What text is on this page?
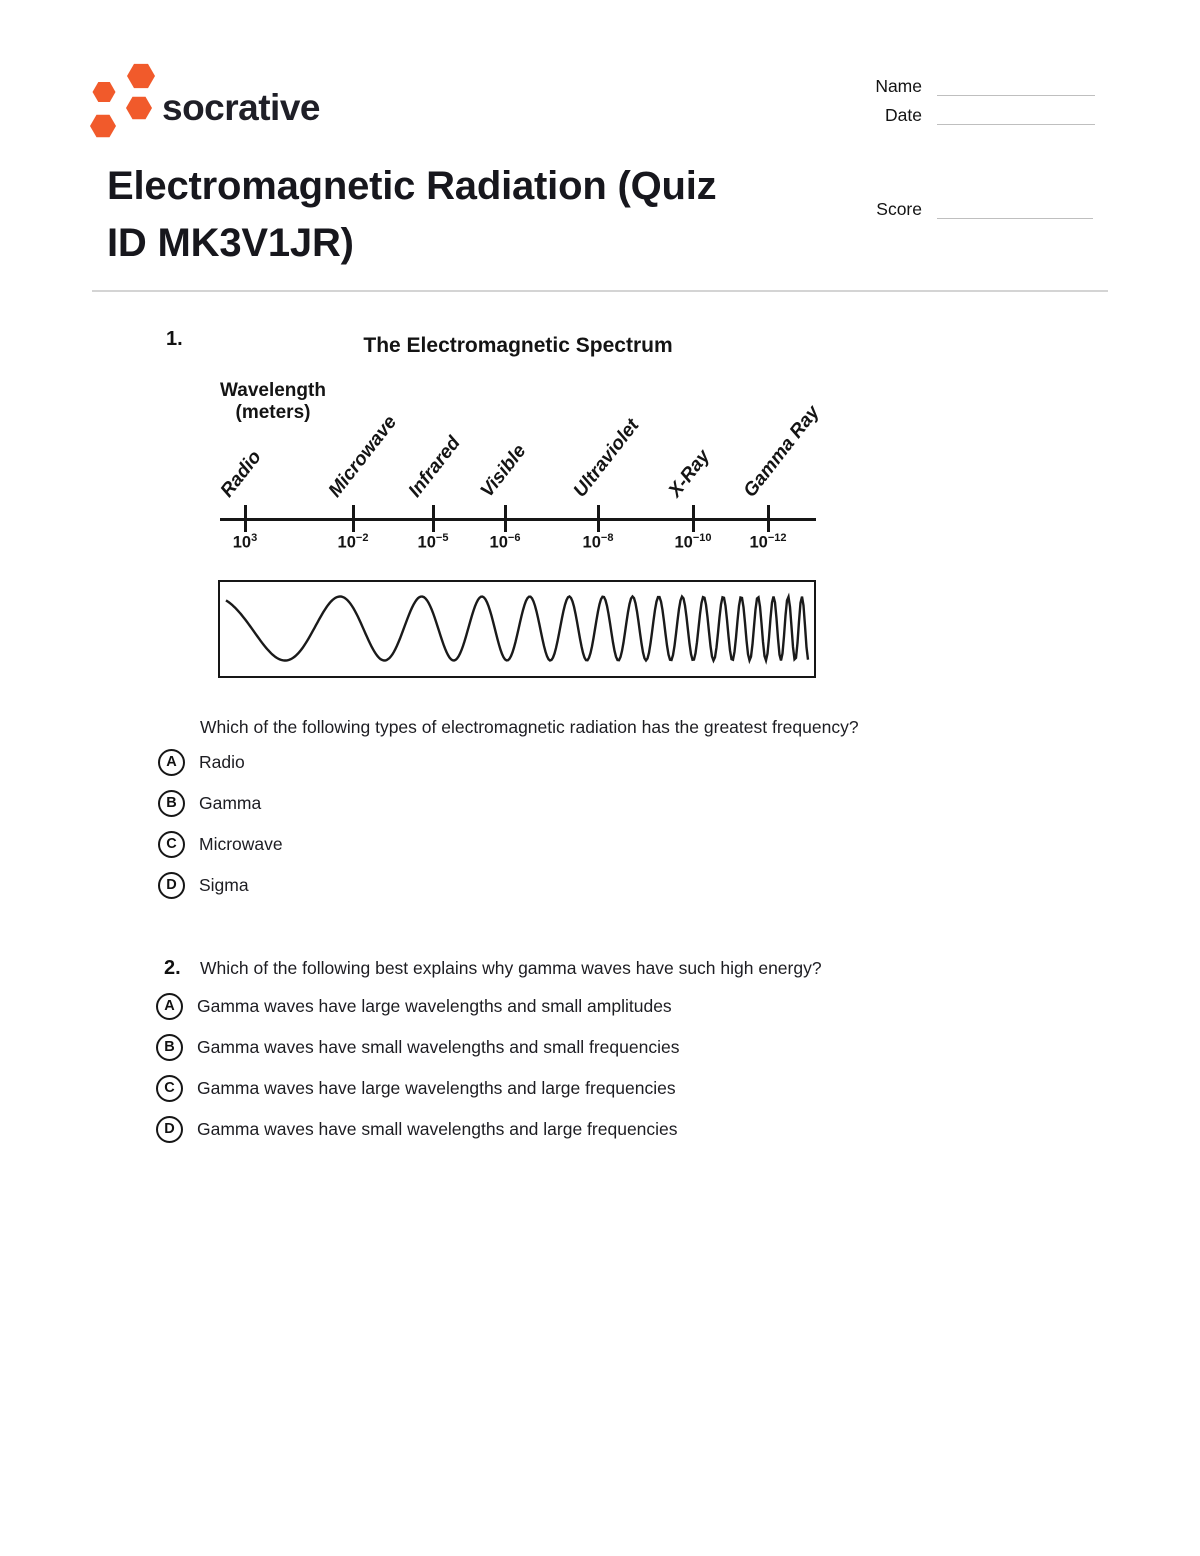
socrative
Name
Date
Score
Electromagnetic Radiation (Quiz
ID MK3V1JR)
1.	The Electromagnetic Spectrum
Wavelength
(meters)
Radio
$10^3$
Microwave
$10^{-2}$
Infrared
$10^{-5}$
Visible
$10^{-6}$
Ultraviolet
$10^{-8}$
X-Ray
$10^{-10}$
Gamma Ray
$10^{-12}$

Which of the following types of electromagnetic radiation has the greatest frequency?

A Radio
B Gamma
C Microwave
D Sigma
2. Which of the following best explains why gamma waves have such high energy?

A Gamma waves have large wavelengths and small amplitudes
B Gamma waves have small wavelengths and small frequencies
C Gamma waves have large wavelengths and large frequencies
D Gamma waves have small wavelengths and large frequencies
